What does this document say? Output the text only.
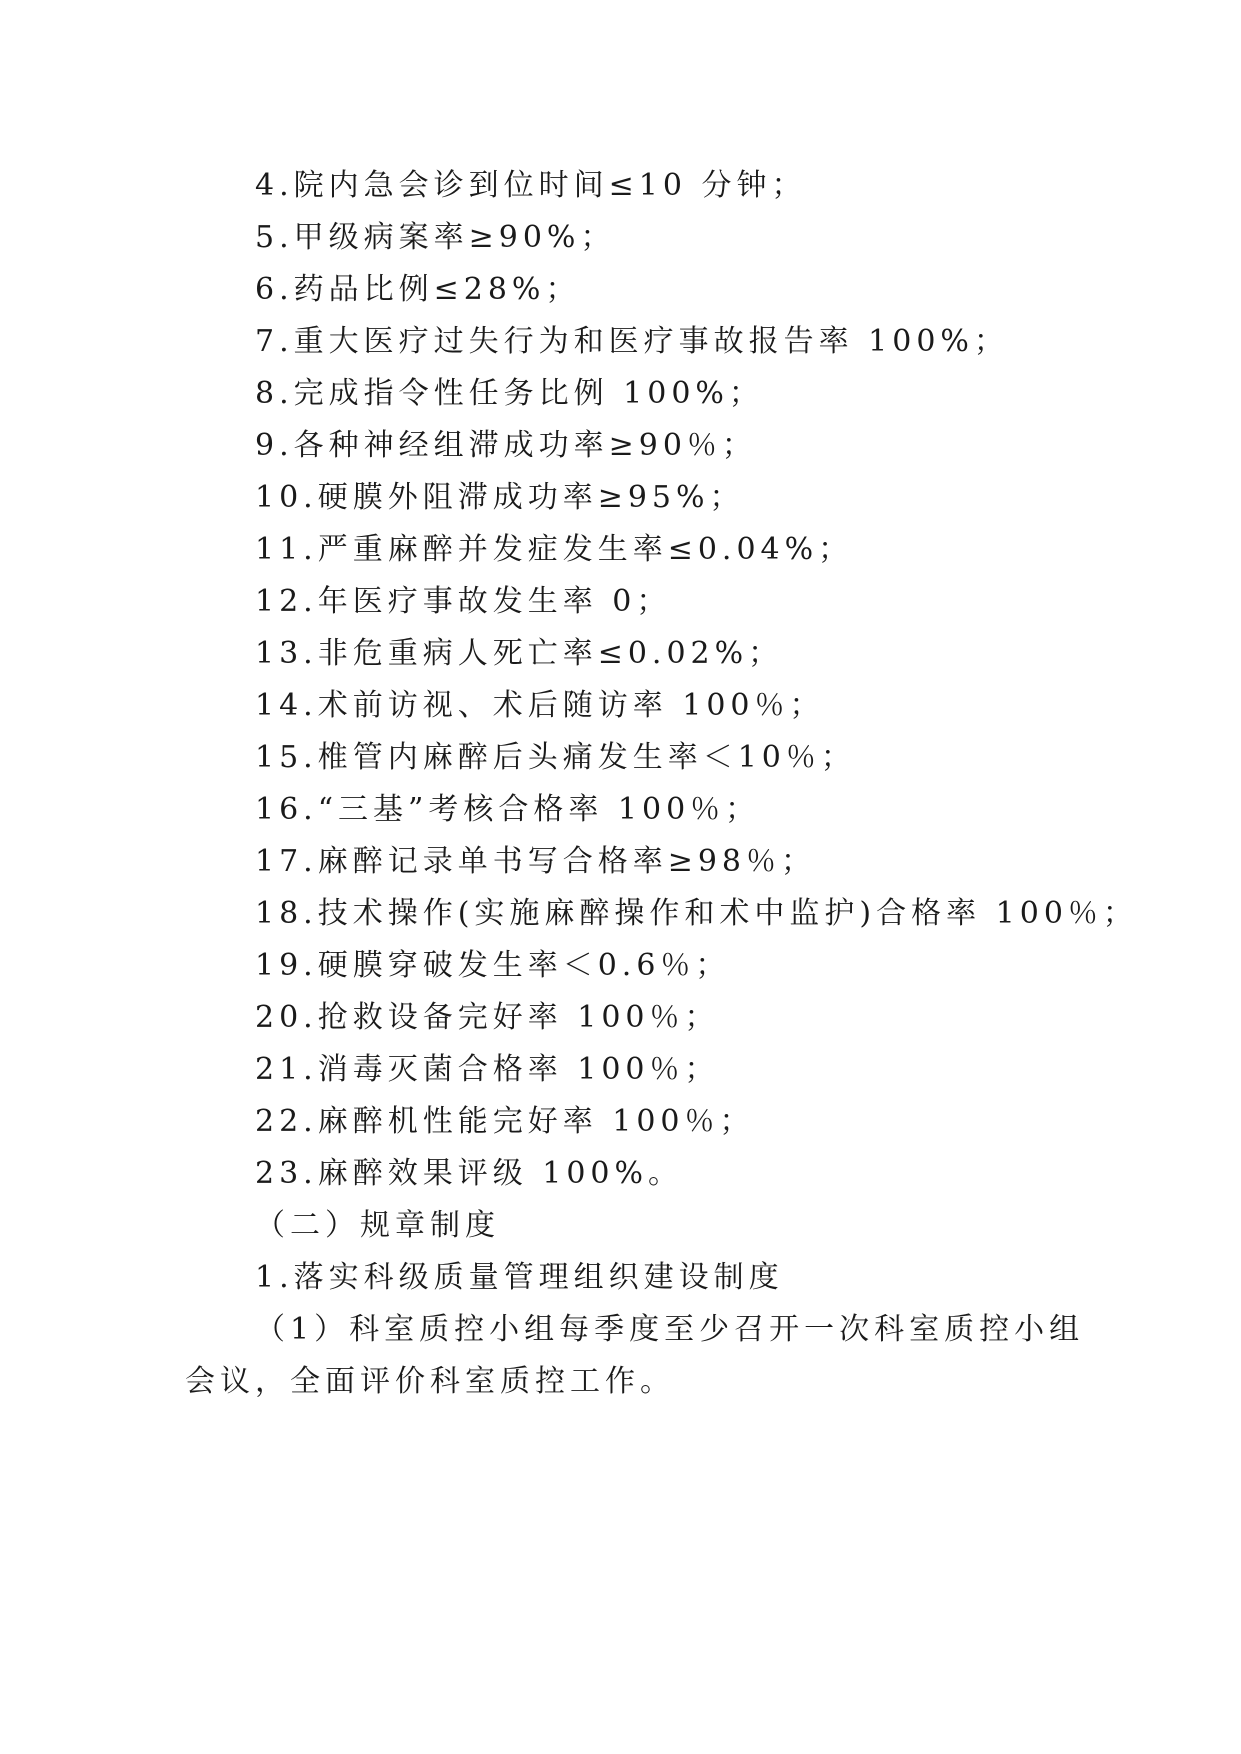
4.院内急会诊到位时间≤10 分钟；
5.甲级病案率≥90%；
6.药品比例≤28%；
7.重大医疗过失行为和医疗事故报告率 100%；
8.完成指令性任务比例 100%；
9.各种神经组滞成功率≥90％；
10.硬膜外阻滞成功率≥95%；
11.严重麻醉并发症发生率≤0.04%；
12.年医疗事故发生率 0；
13.非危重病人死亡率≤0.02%；
14.术前访视、术后随访率 100％；
15.椎管内麻醉后头痛发生率＜10％；
16.“三基”考核合格率 100％；
17.麻醉记录单书写合格率≥98％；
18.技术操作(实施麻醉操作和术中监护)合格率 100％；
19.硬膜穿破发生率＜0.6％；
20.抢救设备完好率 100％；
21.消毒灭菌合格率 100％；
22.麻醉机性能完好率 100％；
23.麻醉效果评级 100%。
（二）规章制度
1.落实科级质量管理组织建设制度
（1）科室质控小组每季度至少召开一次科室质控小组
会议，全面评价科室质控工作。
